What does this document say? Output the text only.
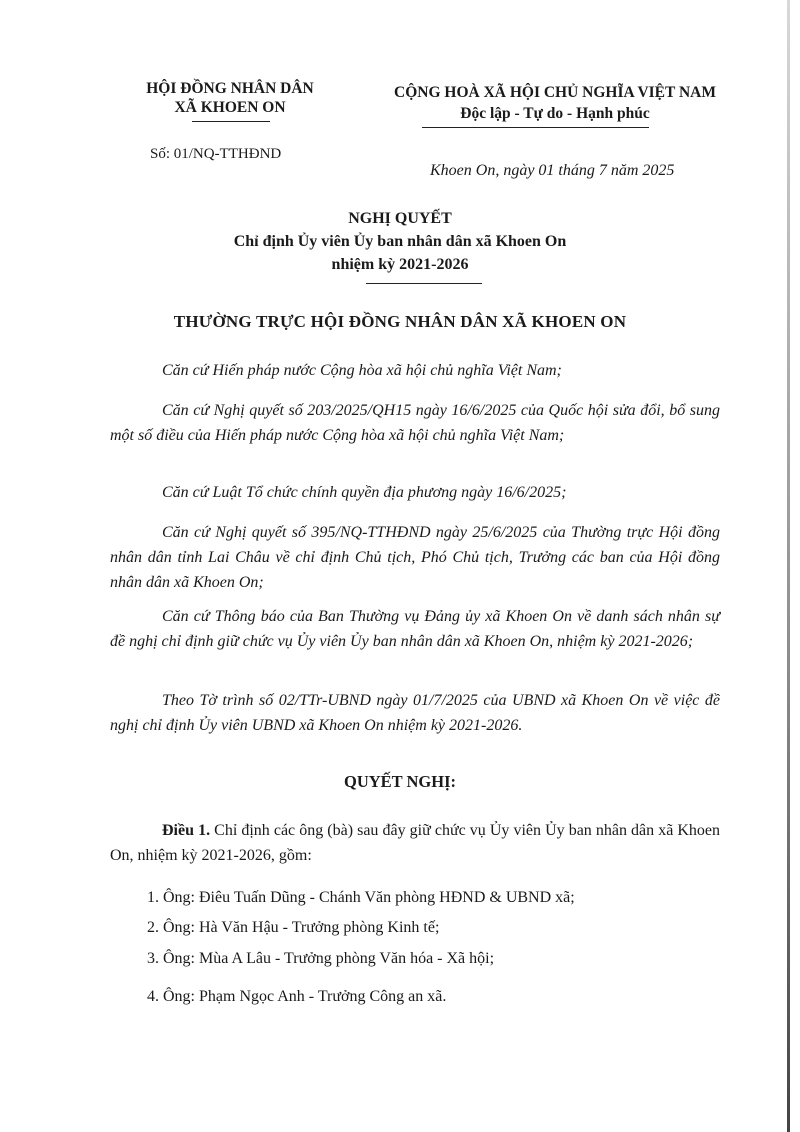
HỘI ĐỒNG NHÂN DÂN
XÃ KHOEN ON
CỘNG HOÀ XÃ HỘI CHỦ NGHĨA VIỆT NAM
Độc lập - Tự do - Hạnh phúc
Số: 01/NQ-TTHĐND
Khoen On, ngày 01 tháng 7 năm 2025
NGHỊ QUYẾT
Chỉ định Ủy viên Ủy ban nhân dân xã Khoen On
nhiệm kỳ 2021-2026
THƯỜNG TRỰC HỘI ĐỒNG NHÂN DÂN XÃ KHOEN ON

Căn cứ Hiến pháp nước Cộng hòa xã hội chủ nghĩa Việt Nam;

Căn cứ Nghị quyết số 203/2025/QH15 ngày 16/6/2025 của Quốc hội sửa đổi, bổ sung một số điều của Hiến pháp nước Cộng hòa xã hội chủ nghĩa Việt Nam;

Căn cứ Luật Tổ chức chính quyền địa phương ngày 16/6/2025;

Căn cứ Nghị quyết số 395/NQ-TTHĐND ngày 25/6/2025 của Thường trực Hội đồng nhân dân tỉnh Lai Châu về chỉ định Chủ tịch, Phó Chủ tịch, Trưởng các ban của Hội đồng nhân dân xã Khoen On;

Căn cứ Thông báo của Ban Thường vụ Đảng ủy xã Khoen On về danh sách nhân sự đề nghị chỉ định giữ chức vụ Ủy viên Ủy ban nhân dân xã Khoen On, nhiệm kỳ 2021-2026;

Theo Tờ trình số 02/TTr-UBND ngày 01/7/2025 của UBND xã Khoen On về việc đề nghị chỉ định Ủy viên UBND xã Khoen On nhiệm kỳ 2021-2026.

QUYẾT NGHỊ:

Điều 1. Chỉ định các ông (bà) sau đây giữ chức vụ Ủy viên Ủy ban nhân dân xã Khoen On, nhiệm kỳ 2021-2026, gồm:

1. Ông: Điêu Tuấn Dũng - Chánh Văn phòng HĐND & UBND xã;
2. Ông: Hà Văn Hậu - Trưởng phòng Kinh tế;
3. Ông: Mùa A Lâu - Trưởng phòng Văn hóa - Xã hội;
4. Ông: Phạm Ngọc Anh - Trưởng Công an xã.
